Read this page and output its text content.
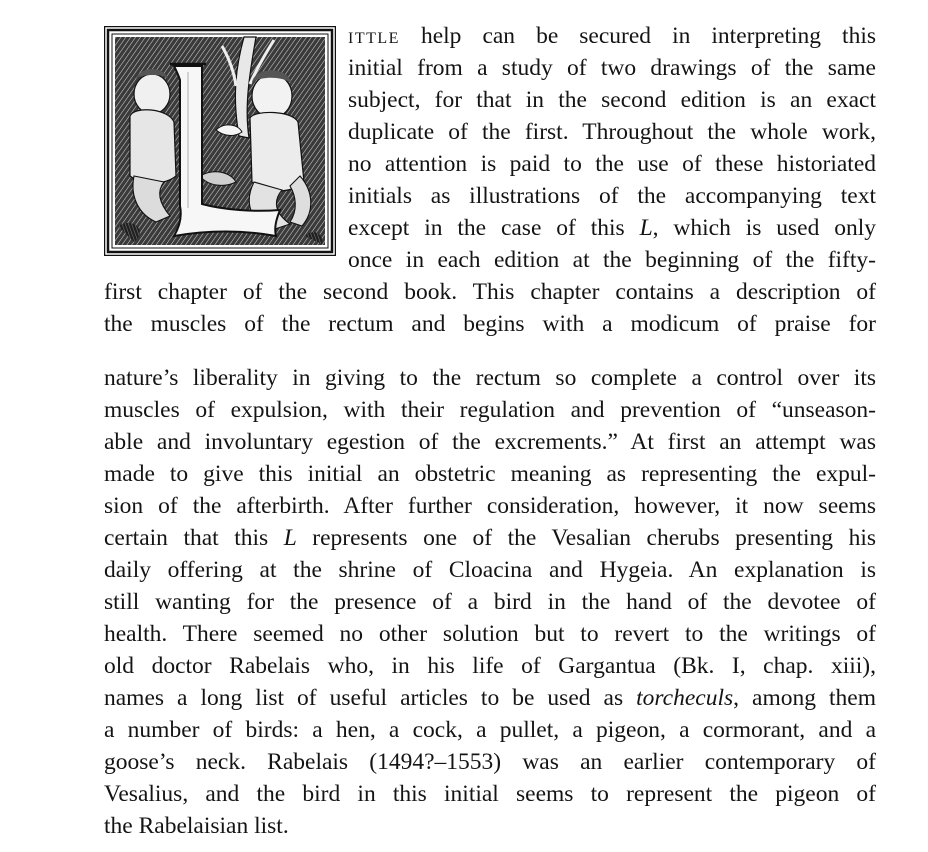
ittle help can be secured in interpreting this
initial from a study of two drawings of the same
subject, for that in the second edition is an exact
duplicate of the first. Throughout the whole work,
no attention is paid to the use of these historiated
initials as illustrations of the accompanying text
except in the case of this L, which is used only
once in each edition at the beginning of the fifty-
first chapter of the second book. This chapter contains a description of
the muscles of the rectum and begins with a modicum of praise for
nature’s liberality in giving to the rectum so complete a control over its
muscles of expulsion, with their regulation and prevention of “unseason-
able and involuntary egestion of the excrements.” At first an attempt was
made to give this initial an obstetric meaning as representing the expul-
sion of the afterbirth. After further consideration, however, it now seems
certain that this L represents one of the Vesalian cherubs presenting his
daily offering at the shrine of Cloacina and Hygeia. An explanation is
still wanting for the presence of a bird in the hand of the devotee of
health. There seemed no other solution but to revert to the writings of
old doctor Rabelais who, in his life of Gargantua (Bk. I, chap. xiii),
names a long list of useful articles to be used as torcheculs, among them
a number of birds: a hen, a cock, a pullet, a pigeon, a cormorant, and a
goose’s neck. Rabelais (1494?–1553) was an earlier contemporary of
Vesalius, and the bird in this initial seems to represent the pigeon of
the Rabelaisian list.
